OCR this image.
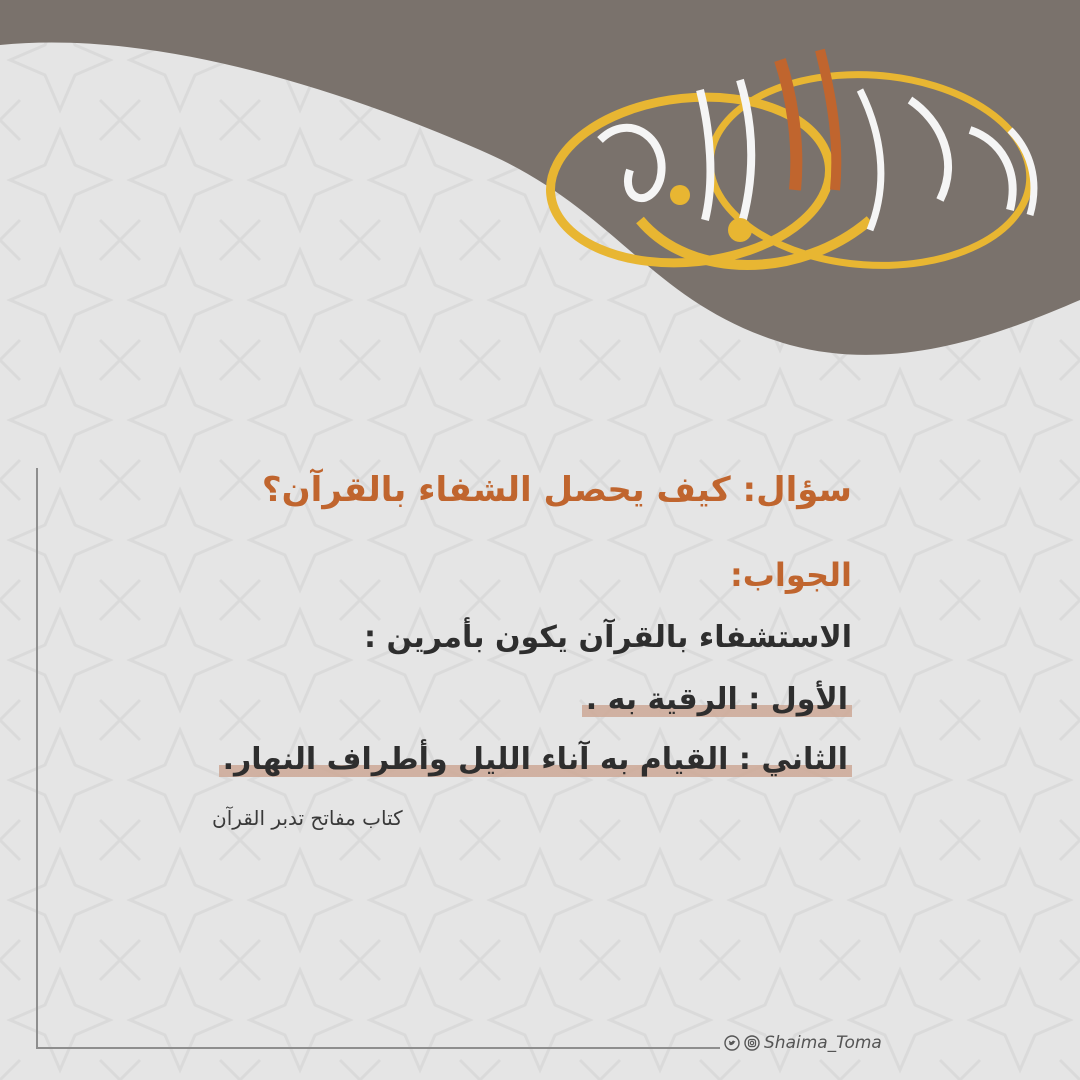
سؤال: كيف يحصل الشفاء بالقرآن؟
الجواب:
الاستشفاء بالقرآن يكون بأمرين :
الأول : الرقية به .
الثاني : القيام به آناء الليل وأطراف النهار.
كتاب مفاتح تدبر القرآن
Shaima_Toma
